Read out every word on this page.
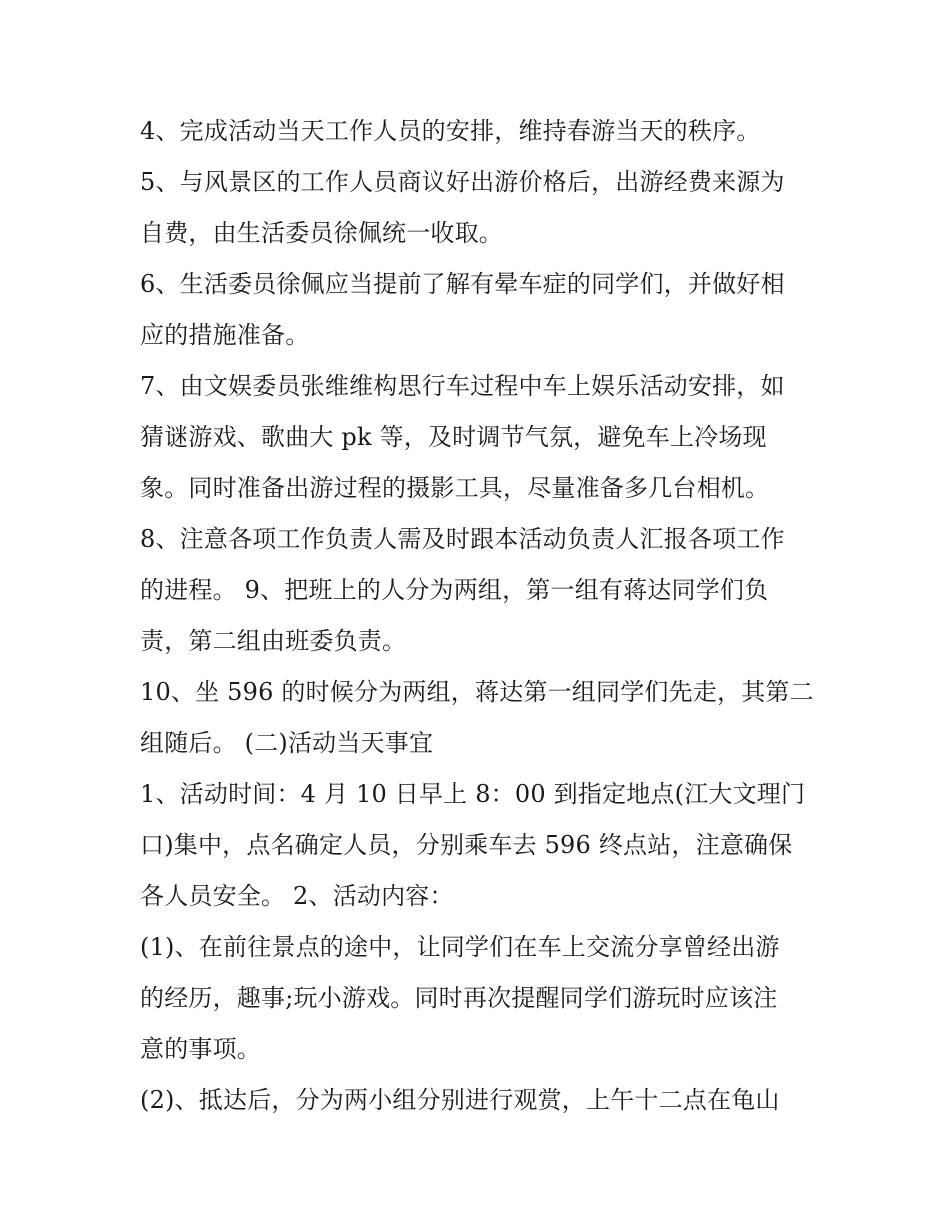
4、完成活动当天工作人员的安排，维持春游当天的秩序。
5、与风景区的工作人员商议好出游价格后，出游经费来源为
自费，由生活委员徐佩统一收取。
6、生活委员徐佩应当提前了解有晕车症的同学们，并做好相
应的措施准备。
7、由文娱委员张维维构思行车过程中车上娱乐活动安排，如
猜谜游戏、歌曲大 pk 等，及时调节气氛，避免车上冷场现
象。同时准备出游过程的摄影工具，尽量准备多几台相机。
8、注意各项工作负责人需及时跟本活动负责人汇报各项工作
的进程。 9、把班上的人分为两组，第一组有蒋达同学们负
责，第二组由班委负责。
10、坐 596 的时候分为两组，蒋达第一组同学们先走，其第二
组随后。 (二)活动当天事宜
1、活动时间：4 月 10 日早上 8：00 到指定地点(江大文理门
口)集中，点名确定人员，分别乘车去 596 终点站，注意确保
各人员安全。 2、活动内容：
(1)、在前往景点的途中，让同学们在车上交流分享曾经出游
的经历，趣事;玩小游戏。同时再次提醒同学们游玩时应该注
意的事项。
(2)、抵达后，分为两小组分别进行观赏，上午十二点在龟山
